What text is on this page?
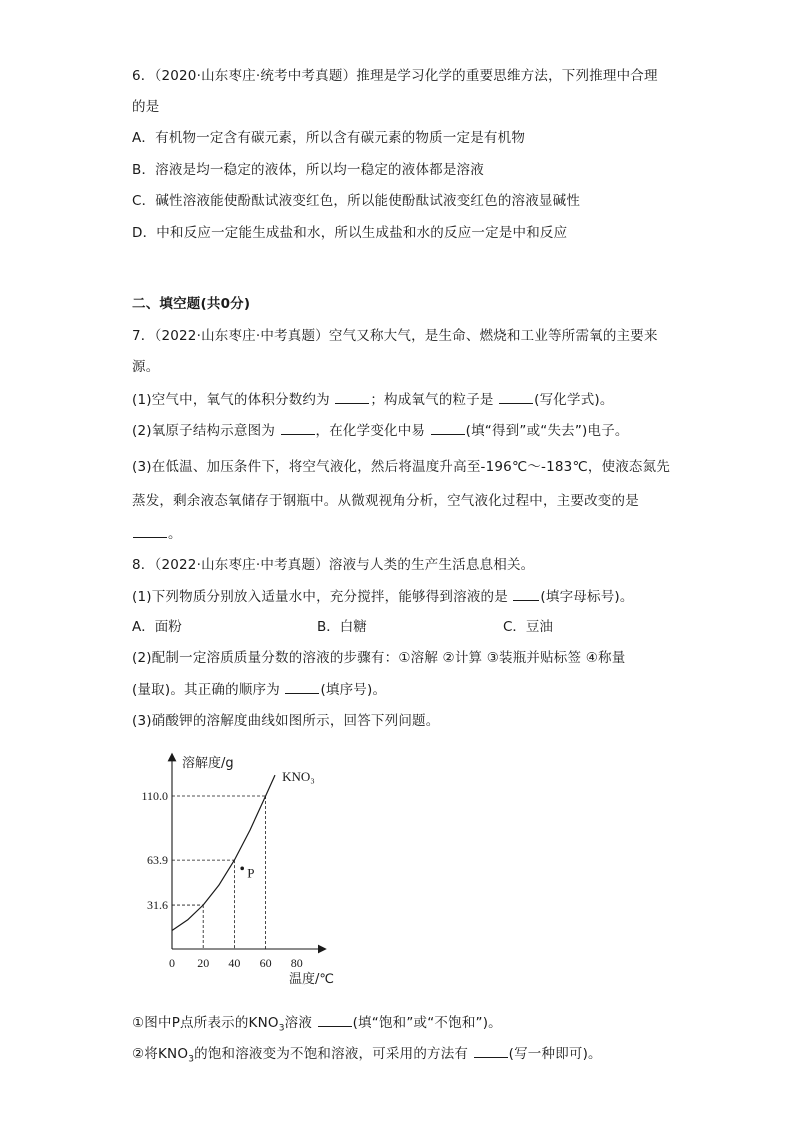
6．（2020·山东枣庄·统考中考真题）推理是学习化学的重要思维方法，下列推理中合理
的是
A．有机物一定含有碳元素，所以含有碳元素的物质一定是有机物
B．溶液是均一稳定的液体，所以均一稳定的液体都是溶液
C．碱性溶液能使酚酞试液变红色，所以能使酚酞试液变红色的溶液显碱性
D．中和反应一定能生成盐和水，所以生成盐和水的反应一定是中和反应
二、填空题(共0分)
7．（2022·山东枣庄·中考真题）空气又称大气，是生命、燃烧和工业等所需氧的主要来
源。
(1)空气中，氧气的体积分数约为	；构成氧气的粒子是	(写化学式)。
(2)氧原子结构示意图为	，在化学变化中易	(填“得到”或“失去”)电子。
(3)在低温、加压条件下，将空气液化，然后将温度升高至-196℃～-183℃，使液态氮先
蒸发，剩余液态氧储存于钢瓶中。从微观视角分析，空气液化过程中，主要改变的是
。
8．（2022·山东枣庄·中考真题）溶液与人类的生产生活息息相关。
(1)下列物质分别放入适量水中，充分搅拌，能够得到溶液的是 (填字母标号)。
A．面粉	B．白糖	C．豆油
(2)配制一定溶质质量分数的溶液的步骤有：①溶解 ②计算 ③装瓶并贴标签 ④称量
(量取)。其正确的顺序为	(填序号)。
(3)硝酸钾的溶解度曲线如图所示，回答下列问题。
溶解度/g
温度/℃
0 20 40 60 80
31.6
63.9
110.0
KNO₃
P
①图中P点所表示的$KNO_3$溶液	(填“饱和”或“不饱和”)。
②将$KNO_3$的饱和溶液变为不饱和溶液，可采用的方法有	(写一种即可)。
